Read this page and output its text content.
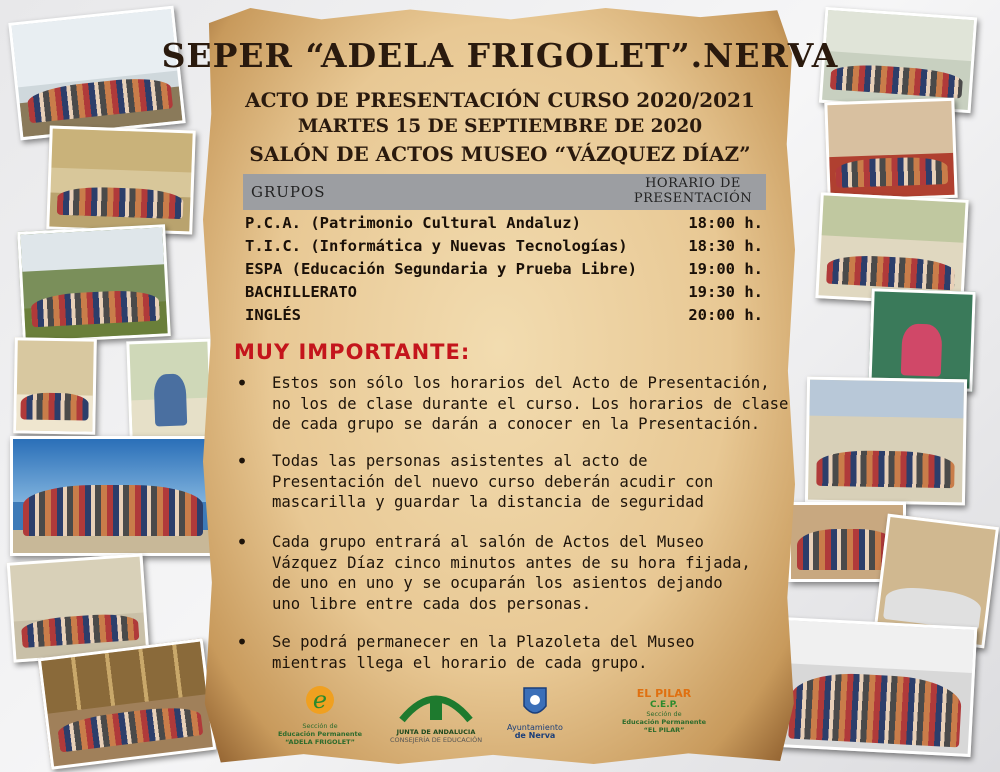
SEPER “ADELA FRIGOLET”.NERVA
ACTO DE PRESENTACIÓN CURSO 2020/2021
MARTES 15 DE SEPTIEMBRE DE 2020
SALÓN DE ACTOS MUSEO “VÁZQUEZ DÍAZ”
GRUPOS	HORARIO DE
PRESENTACIÓN
P.C.A. (Patrimonio Cultural Andaluz)	18:00 h.
T.I.C. (Informática y Nuevas Tecnologías)	18:30 h.
ESPA (Educación Segundaria y Prueba Libre)	19:00 h.
BACHILLERATO	19:30 h.
INGLÉS	20:00 h.
MUY IMPORTANTE:
• Estos son sólo los horarios del Acto de Presentación,
no los de clase durante el curso. Los horarios de clase
de cada grupo se darán a conocer en la Presentación.
• Todas las personas asistentes al acto de
Presentación del nuevo curso deberán acudir con
mascarilla y guardar la distancia de seguridad
• Cada grupo entrará al salón de Actos del Museo
Vázquez Díaz cinco minutos antes de su hora fijada,
de uno en uno y se ocuparán los asientos dejando
uno libre entre cada dos personas.
• Se podrá permanecer en la Plazoleta del Museo
mientras llega el horario de cada grupo.
e
Sección de
Educación Permanente
“ADELA FRIGOLET”
JUNTA DE ANDALUCIA
CONSEJERÍA DE EDUCACIÓN
Ayuntamiento
de Nerva
EL PILAR
C.E.P.
Sección de
Educación Permanente
“EL PILAR”
